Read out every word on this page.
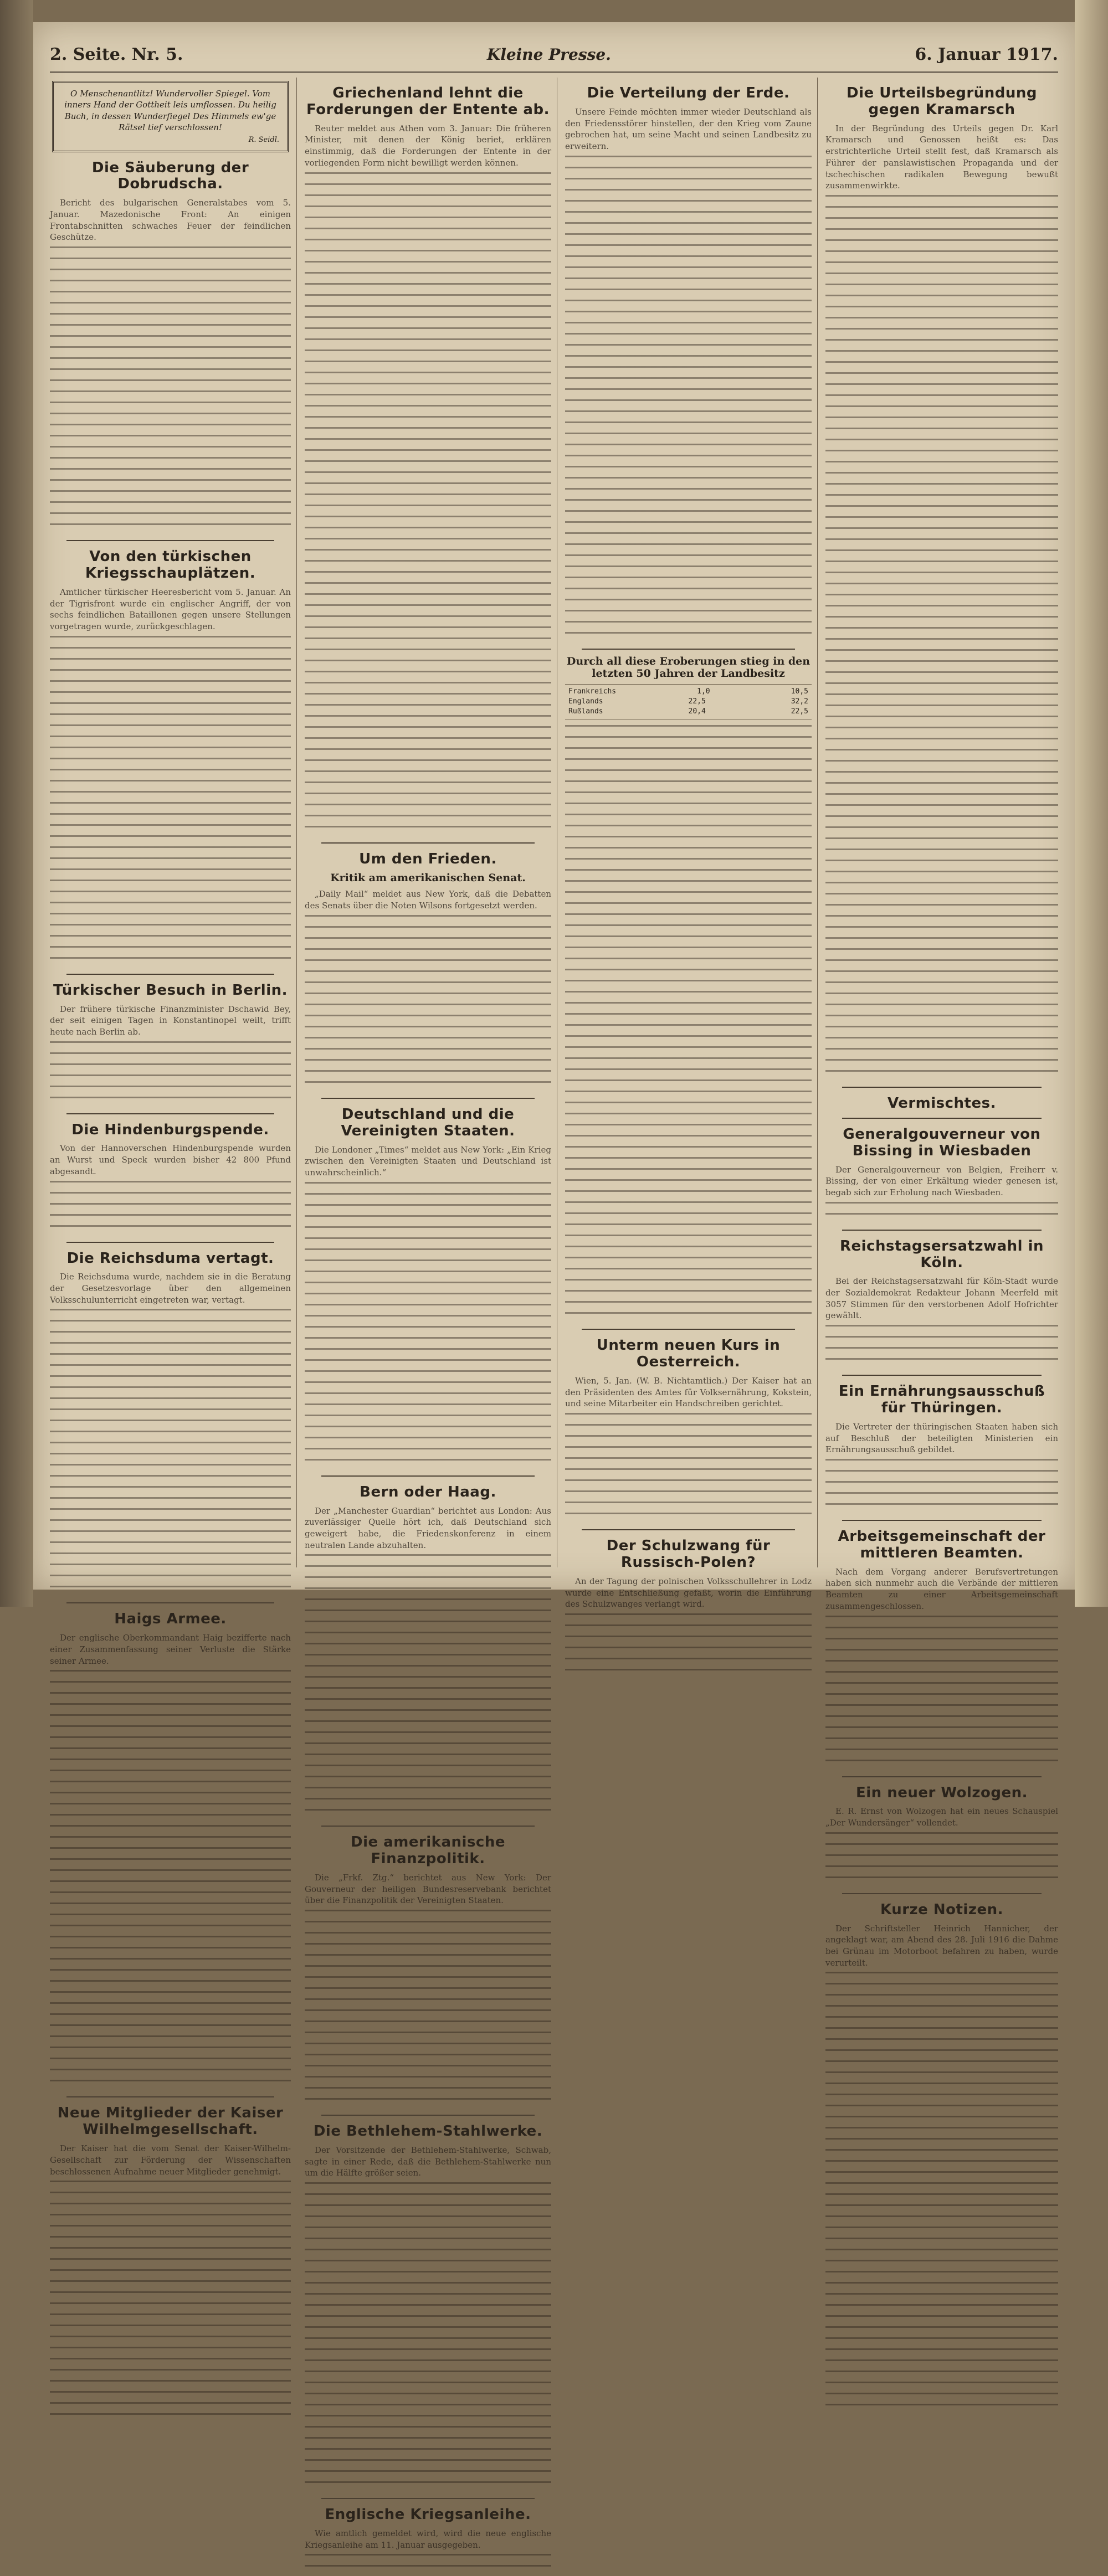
2. Seite. Nr. 5.	Kleine Presse.	6. Januar 1917.
O Menschenantlitz! Wundervoller Spiegel. Vom inners Hand der Gottheit leis umflossen. Du heilig Buch, in dessen Wunderfiegel Des Himmels ew'ge Rätsel tief verschlossen!
R. Seidl.
Die Säuberung der Dobrudscha.

Bericht des bulgarischen Generalstabes vom 5. Januar. Mazedonische Front: An einigen Frontabschnitten schwaches Feuer der feindlichen Geschütze.

Von den türkischen Kriegsschauplätzen.

Amtlicher türkischer Heeresbericht vom 5. Januar. An der Tigrisfront wurde ein englischer Angriff, der von sechs feindlichen Bataillonen gegen unsere Stellungen vorgetragen wurde, zurückgeschlagen.

Türkischer Besuch in Berlin.

Der frühere türkische Finanzminister Dschawid Bey, der seit einigen Tagen in Konstantinopel weilt, trifft heute nach Berlin ab.

Die Hindenburgspende.

Von der Hannoverschen Hindenburgspende wurden an Wurst und Speck wurden bisher 42 800 Pfund abgesandt.

Die Reichsduma vertagt.

Die Reichsduma wurde, nachdem sie in die Beratung der Gesetzesvorlage über den allgemeinen Volksschulunterricht eingetreten war, vertagt.

Haigs Armee.

Der englische Oberkommandant Haig bezifferte nach einer Zusammenfassung seiner Verluste die Stärke seiner Armee.

Neue Mitglieder der Kaiser Wilhelmgesellschaft.

Der Kaiser hat die vom Senat der Kaiser-Wilhelm-Gesellschaft zur Förderung der Wissenschaften beschlossenen Aufnahme neuer Mitglieder genehmigt.

Griechenland lehnt die Forderungen der Entente ab.

Reuter meldet aus Athen vom 3. Januar: Die früheren Minister, mit denen der König beriet, erklären einstimmig, daß die Forderungen der Entente in der vorliegenden Form nicht bewilligt werden können.

Um den Frieden.
Kritik am amerikanischen Senat.

„Daily Mail“ meldet aus New York, daß die Debatten des Senats über die Noten Wilsons fortgesetzt werden.

Deutschland und die Vereinigten Staaten.

Die Londoner „Times“ meldet aus New York: „Ein Krieg zwischen den Vereinigten Staaten und Deutschland ist unwahrscheinlich.“

Bern oder Haag.

Der „Manchester Guardian“ berichtet aus London: Aus zuverlässiger Quelle hört ich, daß Deutschland sich geweigert habe, die Friedenskonferenz in einem neutralen Lande abzuhalten.

Die amerikanische Finanzpolitik.

Die „Frkf. Ztg.“ berichtet aus New York: Der Gouverneur der heiligen Bundesreservebank berichtet über die Finanzpolitik der Vereinigten Staaten.

Die Bethlehem-Stahlwerke.

Der Vorsitzende der Bethlehem-Stahlwerke, Schwab, sagte in einer Rede, daß die Bethlehem-Stahlwerke nun um die Hälfte größer seien.

Englische Kriegsanleihe.

Wie amtlich gemeldet wird, wird die neue englische Kriegsanleihe am 11. Januar ausgegeben.

Die Verteilung der Erde.

Unsere Feinde möchten immer wieder Deutschland als den Friedensstörer hinstellen, der den Krieg vom Zaune gebrochen hat, um seine Macht und seinen Landbesitz zu erweitern.

Durch all diese Eroberungen stieg in den letzten 50 Jahren der Landbesitz
Frankreichs	1,0	10,5
Englands	22,5	32,2
Rußlands	20,4	22,5
Unterm neuen Kurs in Oesterreich.

Wien, 5. Jan. (W. B. Nichtamtlich.) Der Kaiser hat an den Präsidenten des Amtes für Volksernährung, Kokstein, und seine Mitarbeiter ein Handschreiben gerichtet.

Der Schulzwang für Russisch-Polen?

An der Tagung der polnischen Volksschullehrer in Lodz wurde eine Entschließung gefaßt, worin die Einführung des Schulzwanges verlangt wird.

Die Urteilsbegründung gegen Kramarsch

In der Begründung des Urteils gegen Dr. Karl Kramarsch und Genossen heißt es: Das erstrichterliche Urteil stellt fest, daß Kramarsch als Führer der panslawistischen Propaganda und der tschechischen radikalen Bewegung bewußt zusammenwirkte.

Vermischtes.
Generalgouverneur von Bissing in Wiesbaden

Der Generalgouverneur von Belgien, Freiherr v. Bissing, der von einer Erkältung wieder genesen ist, begab sich zur Erholung nach Wiesbaden.

Reichstagsersatzwahl in Köln.

Bei der Reichstagsersatzwahl für Köln-Stadt wurde der Sozialdemokrat Redakteur Johann Meerfeld mit 3057 Stimmen für den verstorbenen Adolf Hofrichter gewählt.

Ein Ernährungsausschuß für Thüringen.

Die Vertreter der thüringischen Staaten haben sich auf Beschluß der beteiligten Ministerien ein Ernährungsausschuß gebildet.

Arbeitsgemeinschaft der mittleren Beamten.

Nach dem Vorgang anderer Berufsvertretungen haben sich nunmehr auch die Verbände der mittleren Beamten zu einer Arbeitsgemeinschaft zusammengeschlossen.

Ein neuer Wolzogen.

E. R. Ernst von Wolzogen hat ein neues Schauspiel „Der Wundersänger“ vollendet.

Kurze Notizen.

Der Schriftsteller Heinrich Hannicher, der angeklagt war, am Abend des 28. Juli 1916 die Dahme bei Grünau im Motorboot befahren zu haben, wurde verurteilt.
